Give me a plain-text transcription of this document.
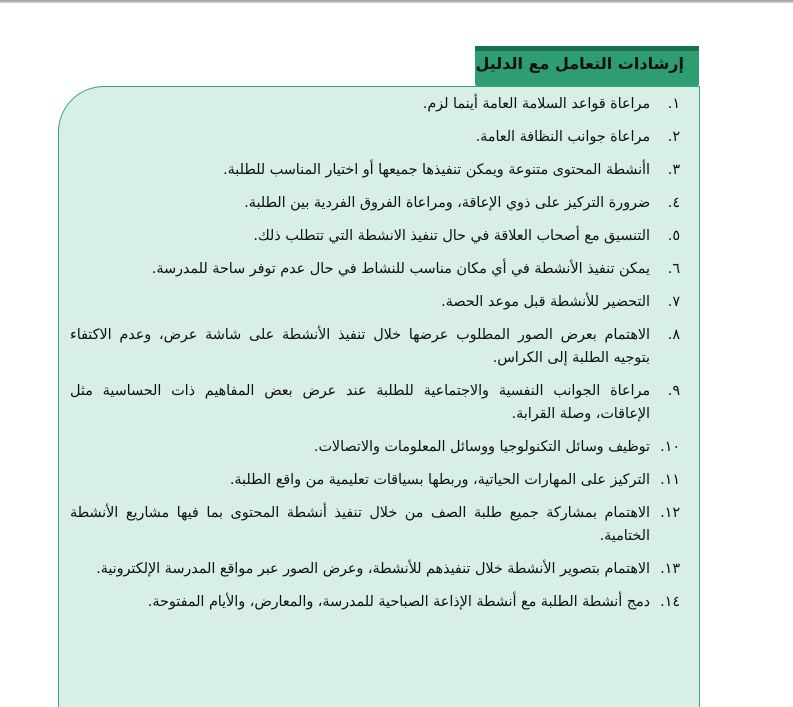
إرشادات التعامل مع الدليل
١.
مراعاة قواعد السلامة العامة أينما لزم.
٢.
مراعاة جوانب النظافة العامة.
٣.
اأنشطة المحتوى متنوعة ويمكن تنفيذها جميعها أو اختيار المناسب للطلبة.
٤.
ضرورة التركيز على ذوي الإعاقة، ومراعاة الفروق الفردية بين الطلبة.
٥.
التنسيق مع أصحاب العلاقة في حال تنفيذ الانشطة التي تتطلب ذلك.
٦.
يمكن تنفيذ الأنشطة في أي مكان مناسب للنشاط في حال عدم توفر ساحة للمدرسة.
٧.
التحضير للأنشطة قبل موعد الحصة.
٨.
الاهتمام بعرض الصور المطلوب عرضها خلال تنفيذ الأنشطة على شاشة عرض، وعدم الاكتفاء بتوجيه الطلبة إلى الكراس.
٩.
مراعاة الجوانب النفسية والاجتماعية للطلبة عند عرض بعض المفاهيم ذات الحساسية مثل الإعاقات، وصلة القرابة.
١٠.
توظيف وسائل التكنولوجيا ووسائل المعلومات والاتصالات.
١١.
التركيز على المهارات الحياتية، وربطها بسياقات تعليمية من واقع الطلبة.
١٢.
الاهتمام بمشاركة جميع طلبة الصف من خلال تنفيذ أنشطة المحتوى بما فيها مشاريع الأنشطة الختامية.
١٣.
الاهتمام بتصوير الأنشطة خلال تنفيذهم للأنشطة، وعرض الصور عبر مواقع المدرسة الإلكترونية.
١٤.
دمج أنشطة الطلبة مع أنشطة الإذاعة الصباحية للمدرسة، والمعارض، والأيام المفتوحة.
